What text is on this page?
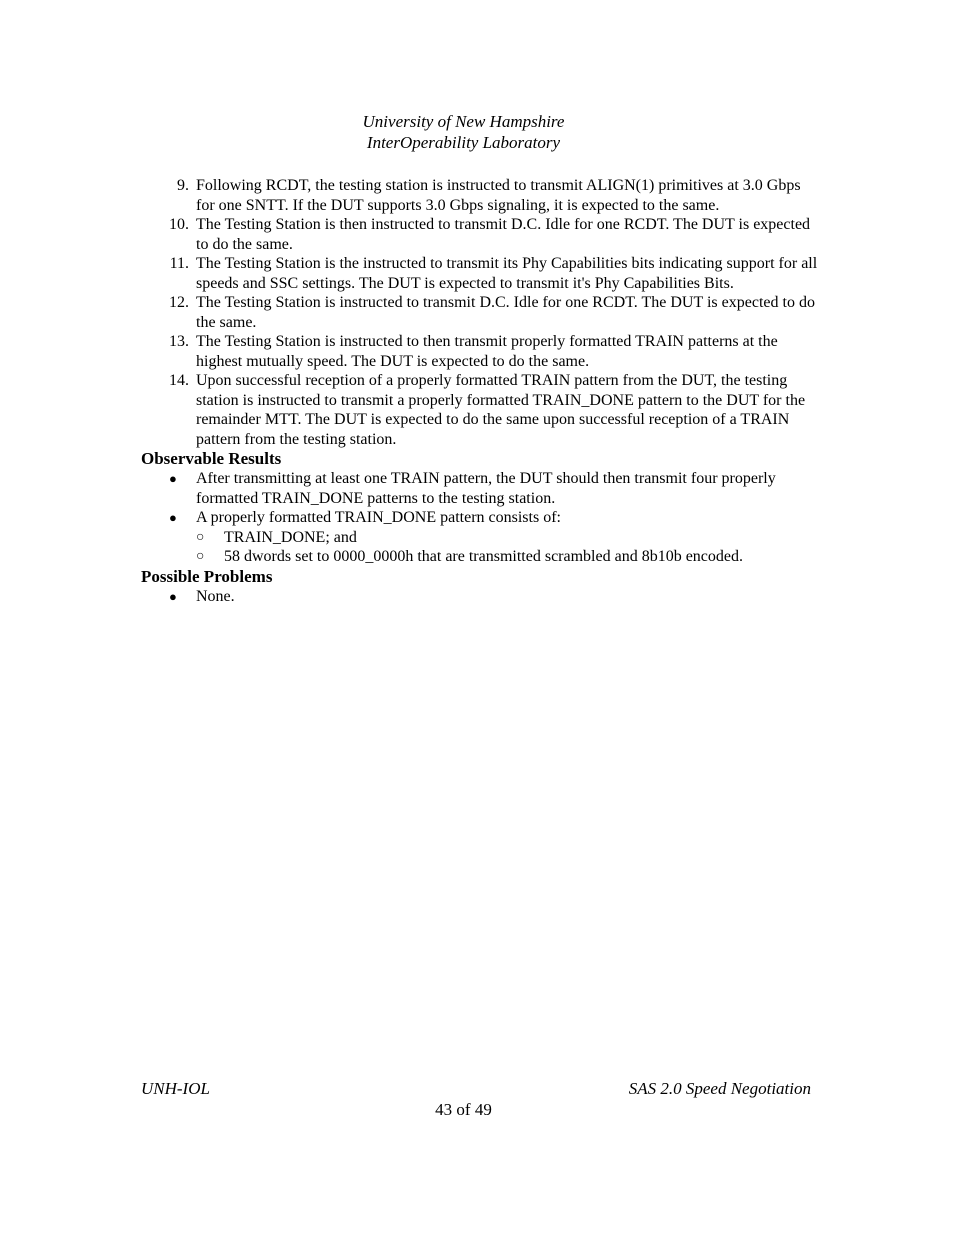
University of New Hampshire
InterOperability Laboratory
9. Following RCDT, the testing station is instructed to transmit ALIGN(1) primitives at 3.0 Gbps for one SNTT. If the DUT supports 3.0 Gbps signaling, it is expected to the same.
10. The Testing Station is then instructed to transmit D.C. Idle for one RCDT. The DUT is expected to do the same.
11. The Testing Station is the instructed to transmit its Phy Capabilities bits indicating support for all speeds and SSC settings. The DUT is expected to transmit it's Phy Capabilities Bits.
12. The Testing Station is instructed to transmit D.C. Idle for one RCDT. The DUT is expected to do the same.
13. The Testing Station is instructed to then transmit properly formatted TRAIN patterns at the highest mutually speed. The DUT is expected to do the same.
14. Upon successful reception of a properly formatted TRAIN pattern from the DUT, the testing station is instructed to transmit a properly formatted TRAIN_DONE pattern to the DUT for the remainder MTT. The DUT is expected to do the same upon successful reception of a TRAIN pattern from the testing station.
Observable Results
● After transmitting at least one TRAIN pattern, the DUT should then transmit four properly formatted TRAIN_DONE patterns to the testing station.
● A properly formatted TRAIN_DONE pattern consists of:
○ TRAIN_DONE; and
○ 58 dwords set to 0000_0000h that are transmitted scrambled and 8b10b encoded.
Possible Problems
● None.
UNH-IOL	SAS 2.0 Speed Negotiation
43 of 49
